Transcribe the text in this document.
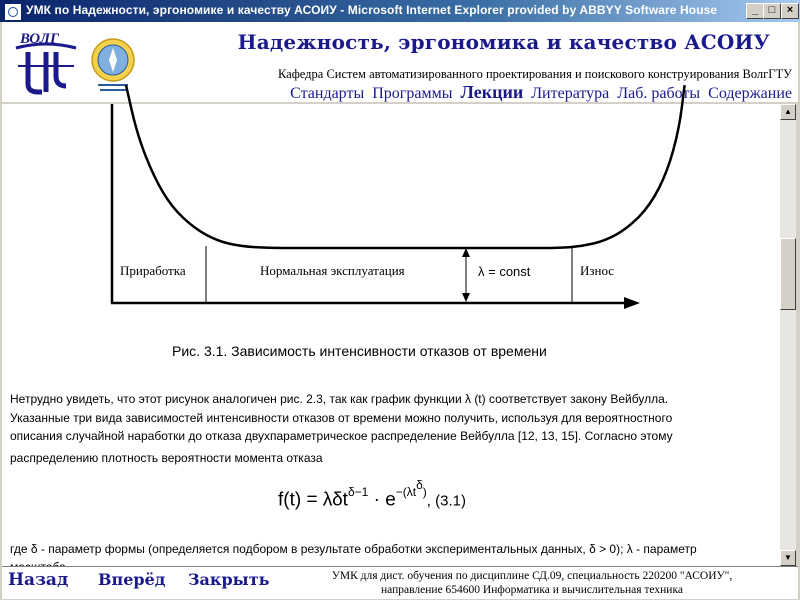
УМК по Надежности, эргономике и качеству АСОИУ - Microsoft Internet Explorer provided by ABBYY Software House	_ □	×
ВОЛГ	Надежность, эргономика и качество АСОИУ
Кафедра Систем автоматизированного проектирования и поискового конструирования ВолгГТУ
Стандарты Программы Лекции Литература Лаб. работы Содержание
Приработка	Нормальная эксплуатация	λ = const	Износ
Рис. 3.1. Зависимость интенсивности отказов от времени

Нетрудно увидеть, что этот рисунок аналогичен рис. 2.3, так как график функции λ (t) соответствует закону Вейбулла.

Указанные три вида зависимостей интенсивности отказов от времени можно получить, используя для вероятностного

описания случайной наработки до отказа двухпараметрическое распределение Вейбулла [12, 13, 15]. Согласно этому

распределению плотность вероятности момента отказа

$f(t) = \lambda\delta t^{\delta-1} \cdot e^{-(\lambda t^\delta)}$, (3.1)
где δ - параметр формы (определяется подбором в результате обработки экспериментальных данных, δ > 0); λ - параметр
▲
▼
Назад Вперёд Закрыть	УМК для дист. обучения по дисциплине СД.09, специальность 220200 "АСОИУ",
направление 654600 Информатика и вычислительная техника
